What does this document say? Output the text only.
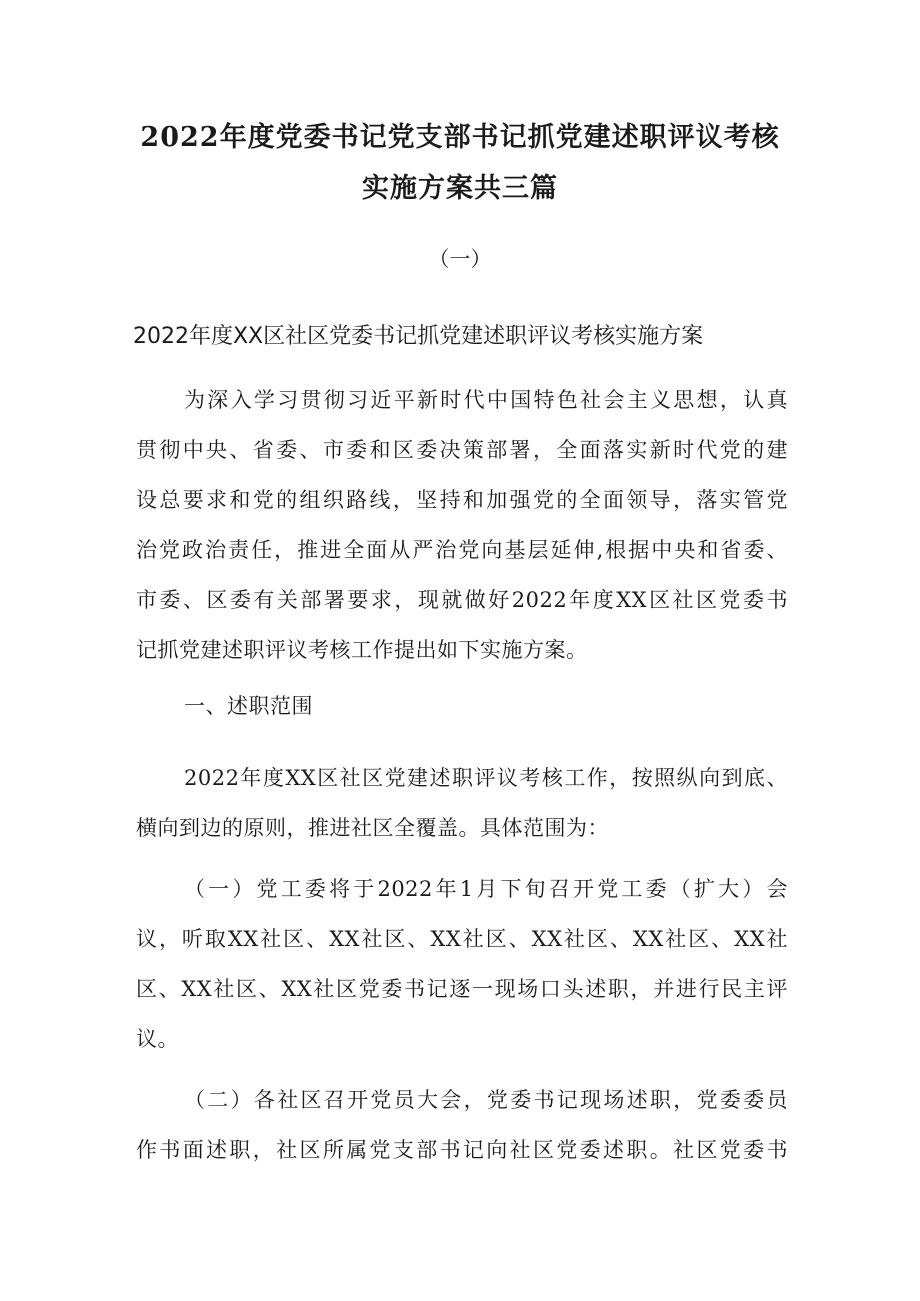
2022年度党委书记党支部书记抓党建述职评议考核
实施方案共三篇
（一）
2022年度XX区社区党委书记抓党建述职评议考核实施方案
为深入学习贯彻习近平新时代中国特色社会主义思想，认真
贯彻中央、省委、市委和区委决策部署，全面落实新时代党的建
设总要求和党的组织路线，坚持和加强党的全面领导，落实管党
治党政治责任，推进全面从严治党向基层延伸,根据中央和省委、
市委、区委有关部署要求，现就做好2022年度XX区社区党委书
记抓党建述职评议考核工作提出如下实施方案。
一、述职范围
2022年度XX区社区党建述职评议考核工作，按照纵向到底、
横向到边的原则，推进社区全覆盖。具体范围为：
（一）党工委将于2022年1月下旬召开党工委（扩大）会
议，听取XX社区、XX社区、XX社区、XX社区、XX社区、XX社
区、XX社区、XX社区党委书记逐一现场口头述职，并进行民主评
议。
（二）各社区召开党员大会，党委书记现场述职，党委委员
作书面述职，社区所属党支部书记向社区党委述职。社区党委书
